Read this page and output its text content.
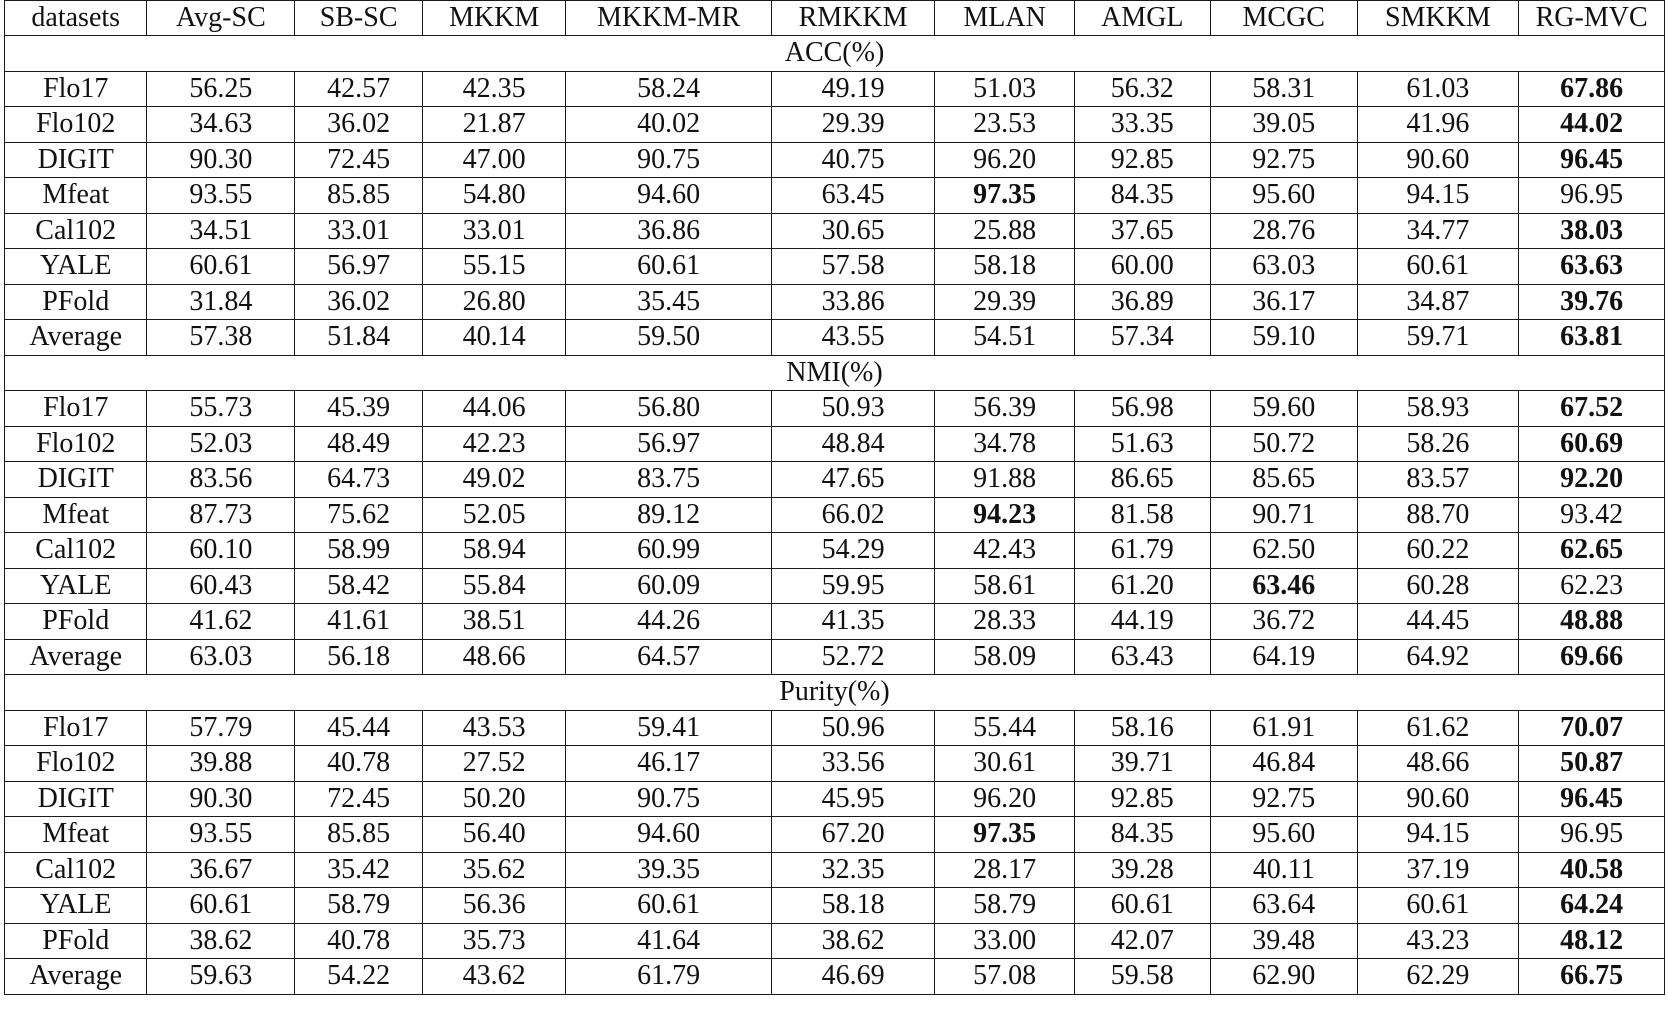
datasets	Avg-SC	SB-SC	MKKM	MKKM-MR	RMKKM	MLAN	AMGL	MCGC	SMKKM	RG-MVC
ACC(%)										
Flo17	56.25	42.57	42.35	58.24	49.19	51.03	56.32	58.31	61.03	67.86
Flo102	34.63	36.02	21.87	40.02	29.39	23.53	33.35	39.05	41.96	44.02
DIGIT	90.30	72.45	47.00	90.75	40.75	96.20	92.85	92.75	90.60	96.45
Mfeat	93.55	85.85	54.80	94.60	63.45	97.35	84.35	95.60	94.15	96.95
Cal102	34.51	33.01	33.01	36.86	30.65	25.88	37.65	28.76	34.77	38.03
YALE	60.61	56.97	55.15	60.61	57.58	58.18	60.00	63.03	60.61	63.63
PFold	31.84	36.02	26.80	35.45	33.86	29.39	36.89	36.17	34.87	39.76
Average	57.38	51.84	40.14	59.50	43.55	54.51	57.34	59.10	59.71	63.81
NMI(%)										
Flo17	55.73	45.39	44.06	56.80	50.93	56.39	56.98	59.60	58.93	67.52
Flo102	52.03	48.49	42.23	56.97	48.84	34.78	51.63	50.72	58.26	60.69
DIGIT	83.56	64.73	49.02	83.75	47.65	91.88	86.65	85.65	83.57	92.20
Mfeat	87.73	75.62	52.05	89.12	66.02	94.23	81.58	90.71	88.70	93.42
Cal102	60.10	58.99	58.94	60.99	54.29	42.43	61.79	62.50	60.22	62.65
YALE	60.43	58.42	55.84	60.09	59.95	58.61	61.20	63.46	60.28	62.23
PFold	41.62	41.61	38.51	44.26	41.35	28.33	44.19	36.72	44.45	48.88
Average	63.03	56.18	48.66	64.57	52.72	58.09	63.43	64.19	64.92	69.66
Purity(%)										
Flo17	57.79	45.44	43.53	59.41	50.96	55.44	58.16	61.91	61.62	70.07
Flo102	39.88	40.78	27.52	46.17	33.56	30.61	39.71	46.84	48.66	50.87
DIGIT	90.30	72.45	50.20	90.75	45.95	96.20	92.85	92.75	90.60	96.45
Mfeat	93.55	85.85	56.40	94.60	67.20	97.35	84.35	95.60	94.15	96.95
Cal102	36.67	35.42	35.62	39.35	32.35	28.17	39.28	40.11	37.19	40.58
YALE	60.61	58.79	56.36	60.61	58.18	58.79	60.61	63.64	60.61	64.24
PFold	38.62	40.78	35.73	41.64	38.62	33.00	42.07	39.48	43.23	48.12
Average	59.63	54.22	43.62	61.79	46.69	57.08	59.58	62.90	62.29	66.75
